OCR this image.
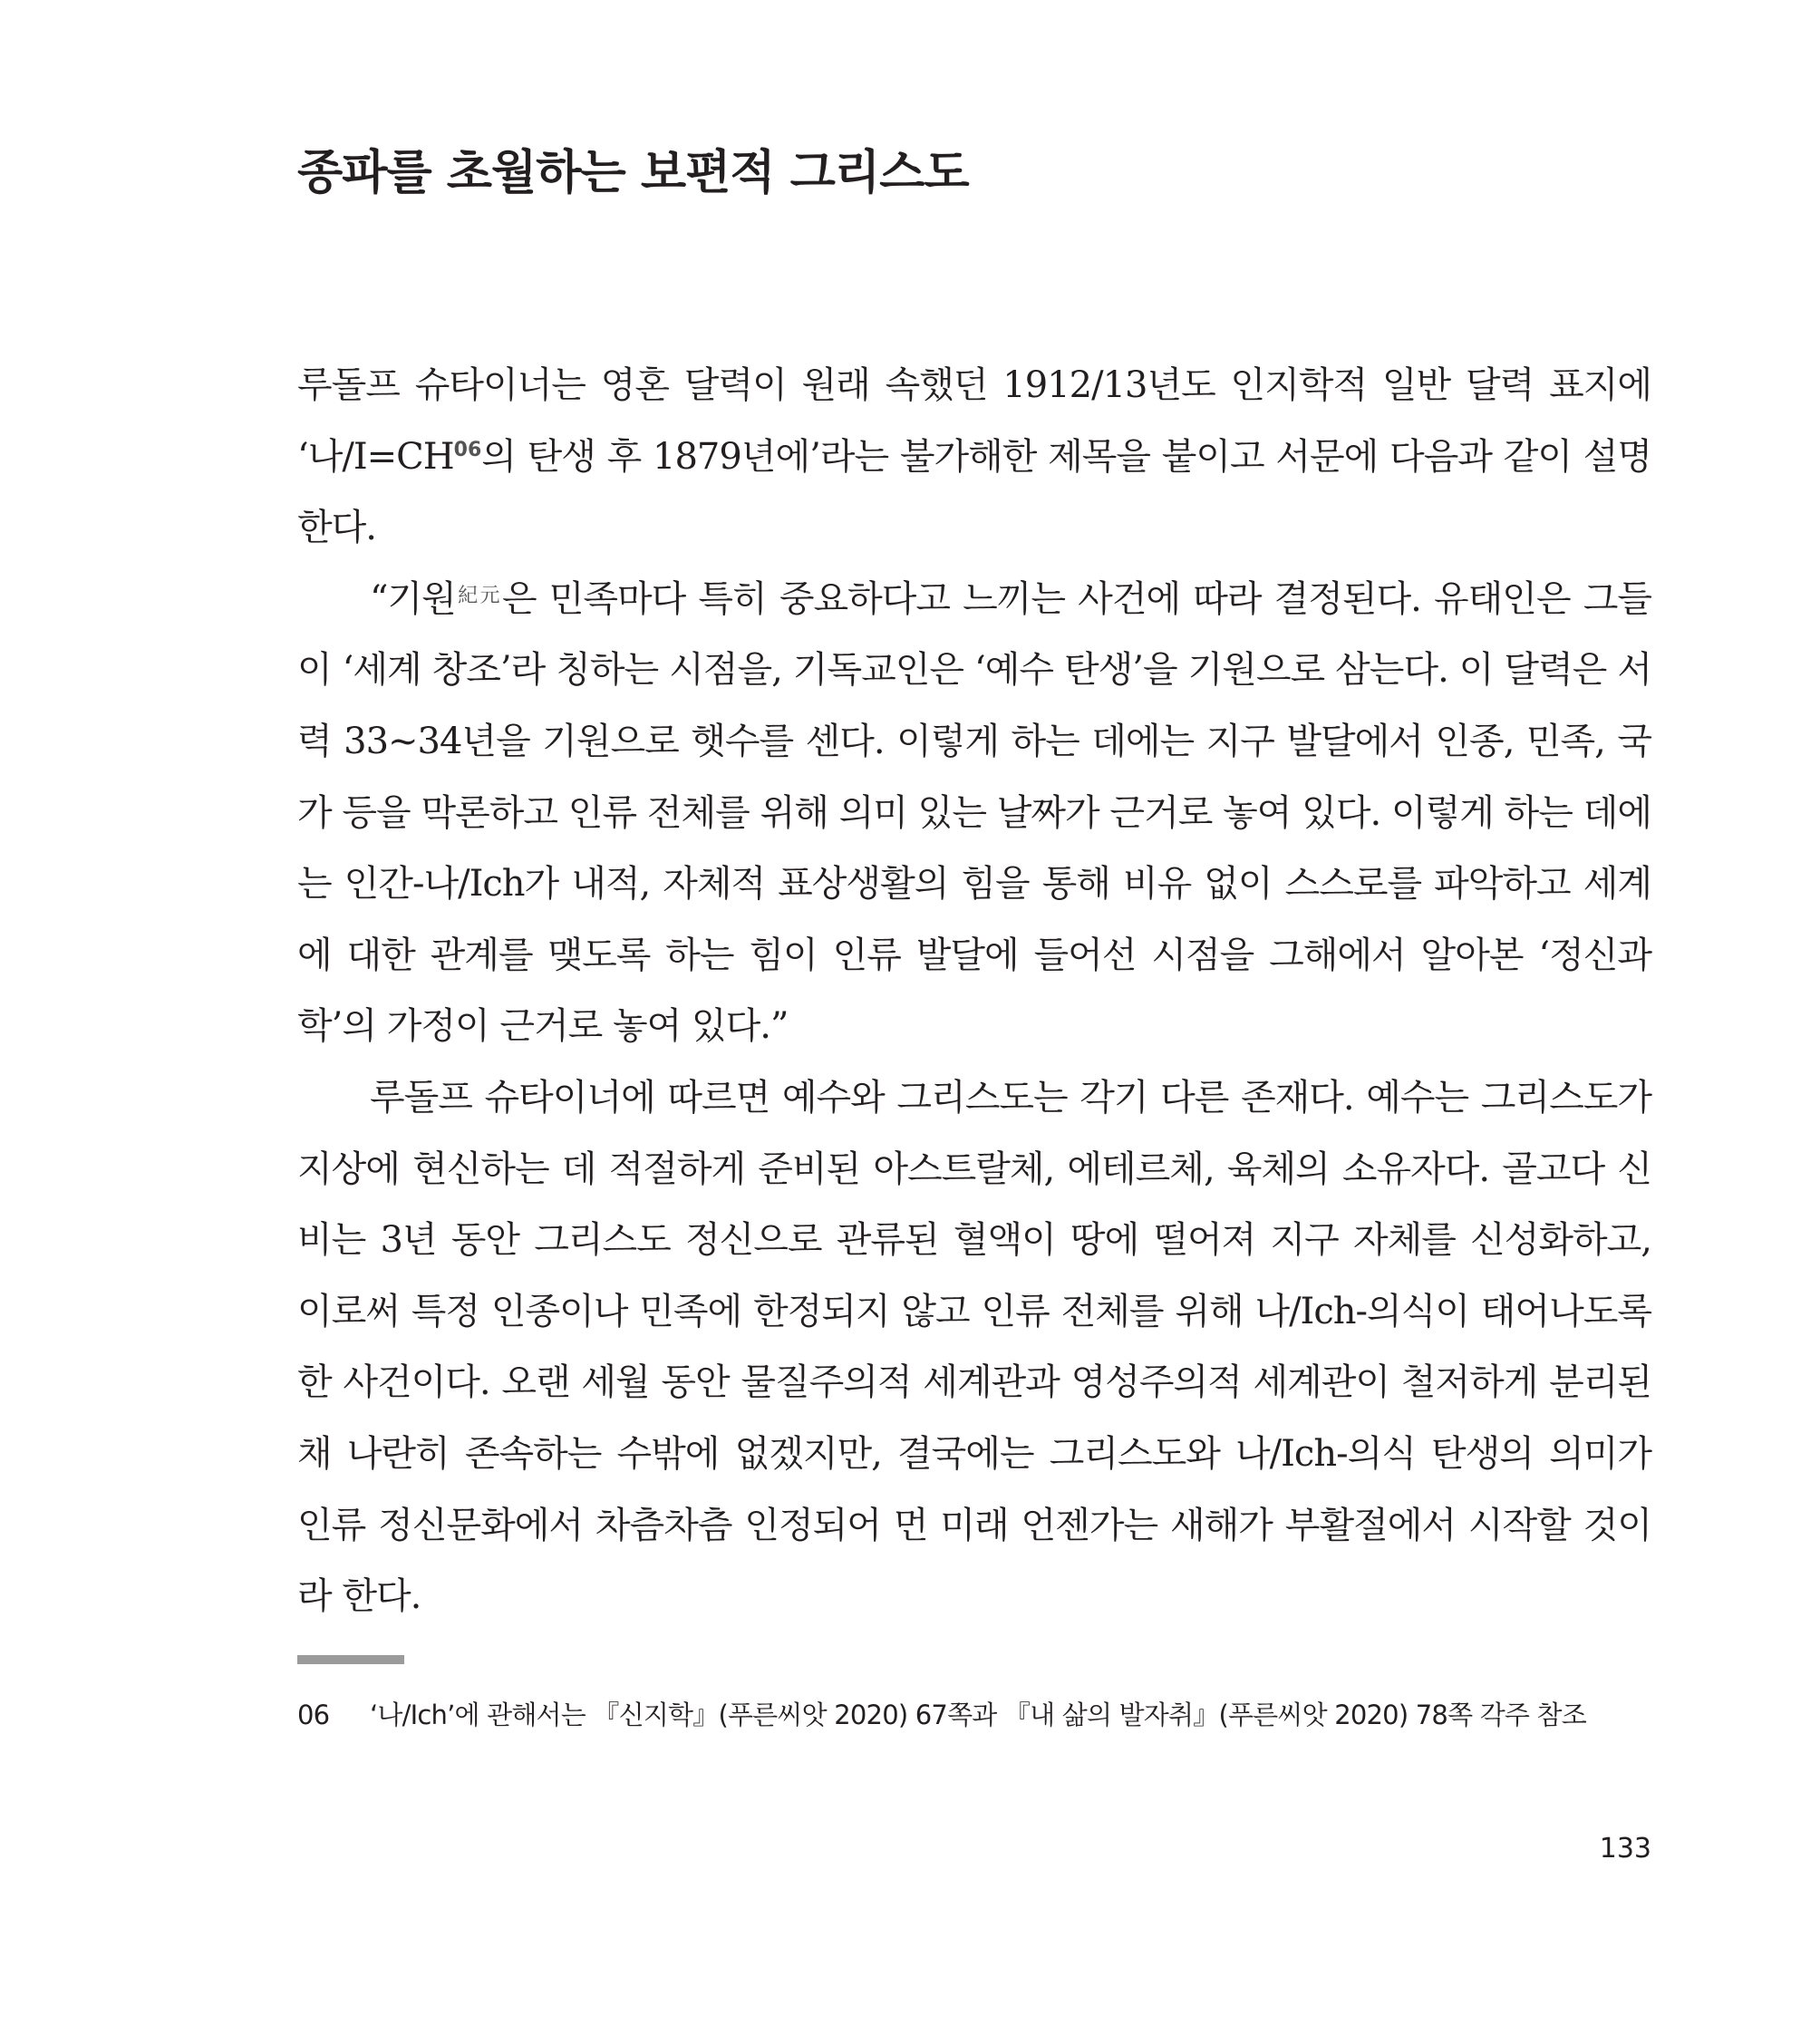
종파를 초월하는 보편적 그리스도

루돌프 슈타이너는 영혼 달력이 원래 속했던 1912/13년도 인지학적 일반 달력 표지에 ‘나/I=CH$^{06}$의 탄생 후 1879년에’라는 불가해한 제목을 붙이고 서문에 다음과 같이 설명한다.

“기원$^{紀元}$은 민족마다 특히 중요하다고 느끼는 사건에 따라 결정된다. 유태인은 그들이 ‘세계 창조’라 칭하는 시점을, 기독교인은 ‘예수 탄생’을 기원으로 삼는다. 이 달력은 서력 33~34년을 기원으로 햇수를 센다. 이렇게 하는 데에는 지구 발달에서 인종, 민족, 국가 등을 막론하고 인류 전체를 위해 의미 있는 날짜가 근거로 놓여 있다. 이렇게 하는 데에는 인간-나/Ich가 내적, 자체적 표상생활의 힘을 통해 비유 없이 스스로를 파악하고 세계에 대한 관계를 맺도록 하는 힘이 인류 발달에 들어선 시점을 그해에서 알아본 ‘정신과학’의 가정이 근거로 놓여 있다.”

루돌프 슈타이너에 따르면 예수와 그리스도는 각기 다른 존재다. 예수는 그리스도가 지상에 현신하는 데 적절하게 준비된 아스트랄체, 에테르체, 육체의 소유자다. 골고다 신비는 3년 동안 그리스도 정신으로 관류된 혈액이 땅에 떨어져 지구 자체를 신성화하고, 이로써 특정 인종이나 민족에 한정되지 않고 인류 전체를 위해 나/Ich-의식이 태어나도록 한 사건이다. 오랜 세월 동안 물질주의적 세계관과 영성주의적 세계관이 철저하게 분리된 채 나란히 존속하는 수밖에 없겠지만, 결국에는 그리스도와 나/Ich-의식 탄생의 의미가 인류 정신문화에서 차츰차츰 인정되어 먼 미래 언젠가는 새해가 부활절에서 시작할 것이라 한다.

06	‘나/Ich’에 관해서는 『신지학』(푸른씨앗 2020) 67쪽과 『내 삶의 발자취』(푸른씨앗 2020) 78쪽 각주 참조
133
